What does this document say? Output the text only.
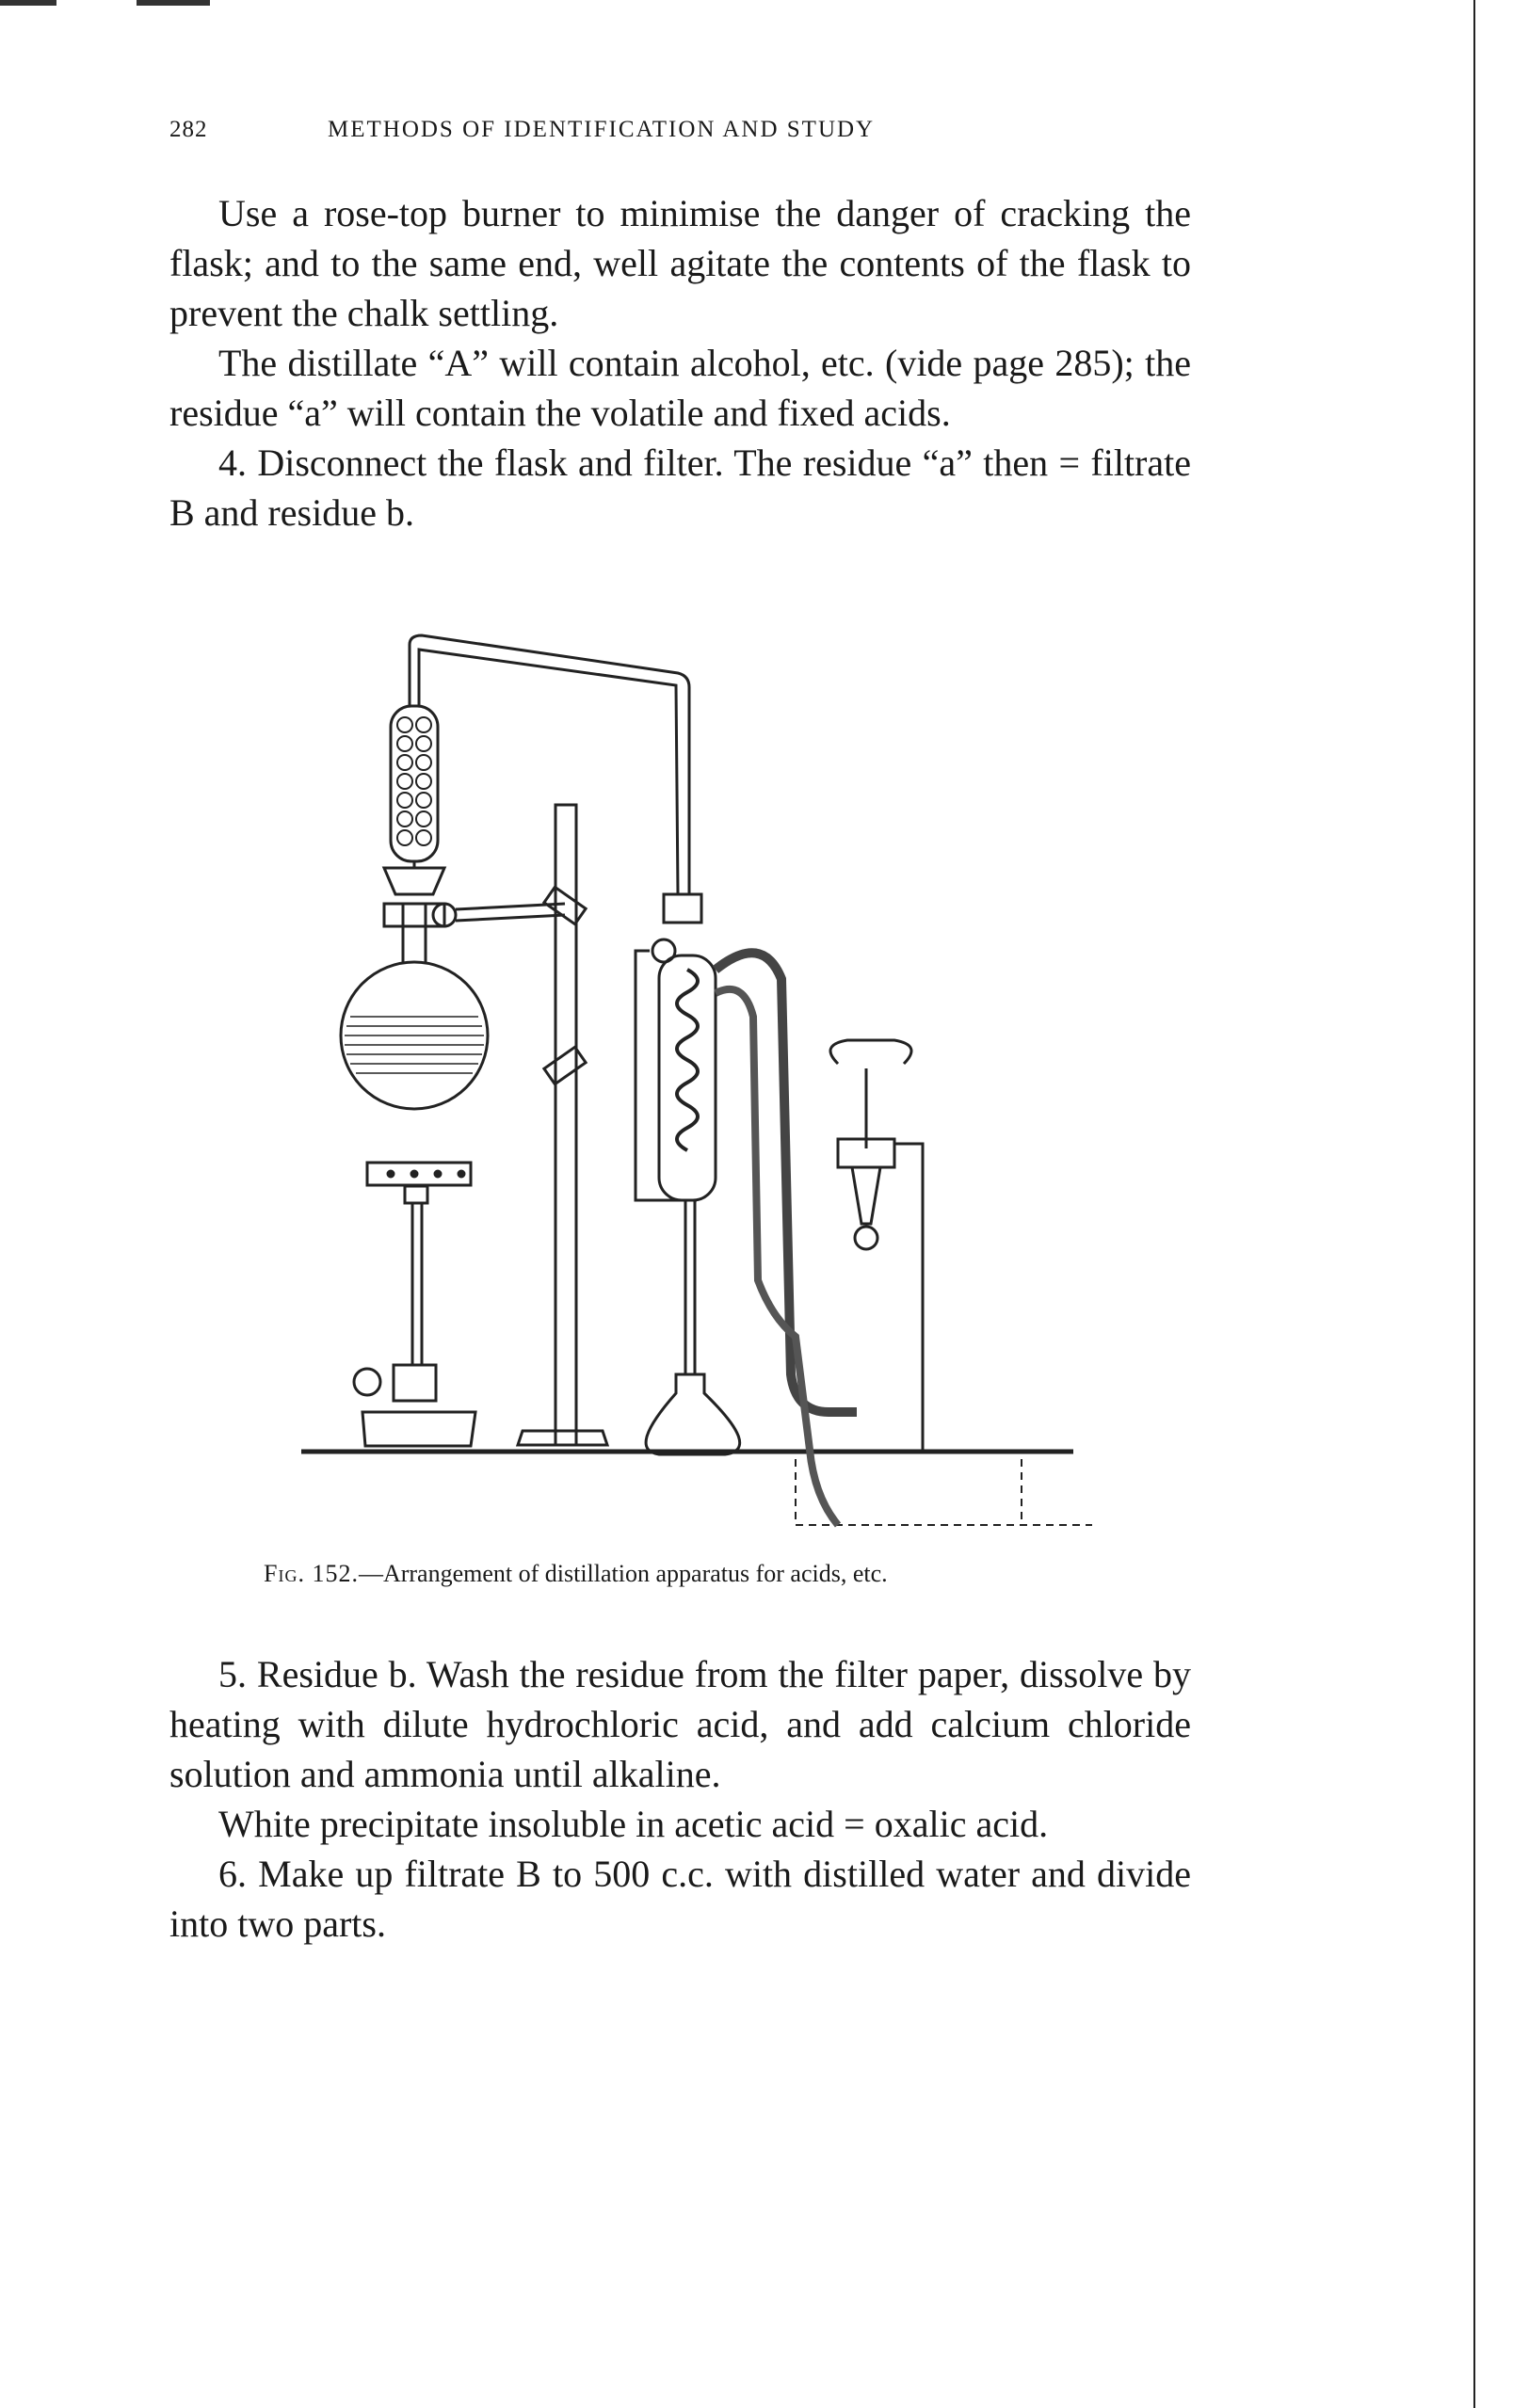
282	METHODS OF IDENTIFICATION AND STUDY

Use a rose-top burner to minimise the danger of cracking the flask; and to the same end, well agitate the contents of the flask to prevent the chalk settling.

The distillate “A” will contain alcohol, etc. (vide page 285); the residue “a” will contain the volatile and fixed acids.

4. Disconnect the flask and filter. The residue “a” then = filtrate B and residue b.

Fig. 152.—Arrangement of distillation apparatus for acids, etc.

5. Residue b. Wash the residue from the filter paper, dissolve by heating with dilute hydrochloric acid, and add calcium chloride solution and ammonia until alkaline.

White precipitate insoluble in acetic acid = oxalic acid.

6. Make up filtrate B to 500 c.c. with distilled water and divide into two parts.
